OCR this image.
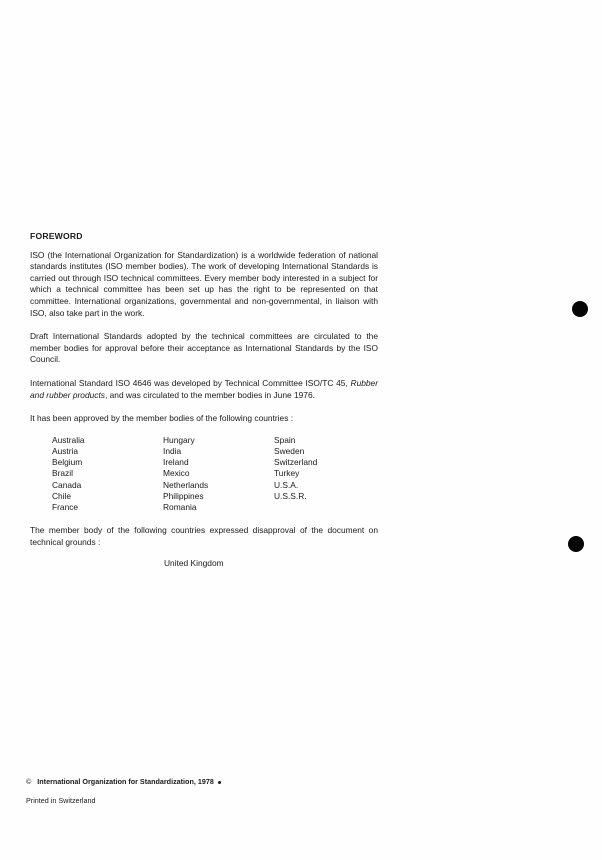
FOREWORD

ISO (the International Organization for Standardization) is a worldwide federation of national standards institutes (ISO member bodies). The work of developing International Standards is carried out through ISO technical committees. Every member body interested in a subject for which a technical committee has been set up has the right to be represented on that committee. International organizations, governmental and non-governmental, in liaison with ISO, also take part in the work.

Draft International Standards adopted by the technical committees are circulated to the member bodies for approval before their acceptance as International Standards by the ISO Council.

International Standard ISO 4646 was developed by Technical Committee ISO/TC 45, Rubber and rubber products, and was circulated to the member bodies in June 1976.

It has been approved by the member bodies of the following countries :

Australia
Austria
Belgium
Brazil
Canada
Chile
France
Hungary
India
Ireland
Mexico
Netherlands
Philippines
Romania
Spain
Sweden
Switzerland
Turkey
U.S.A.
U.S.S.R.

The member body of the following countries expressed disapproval of the document on technical grounds :

United Kingdom
© International Organization for Standardization, 1978
Printed in Switzerland
